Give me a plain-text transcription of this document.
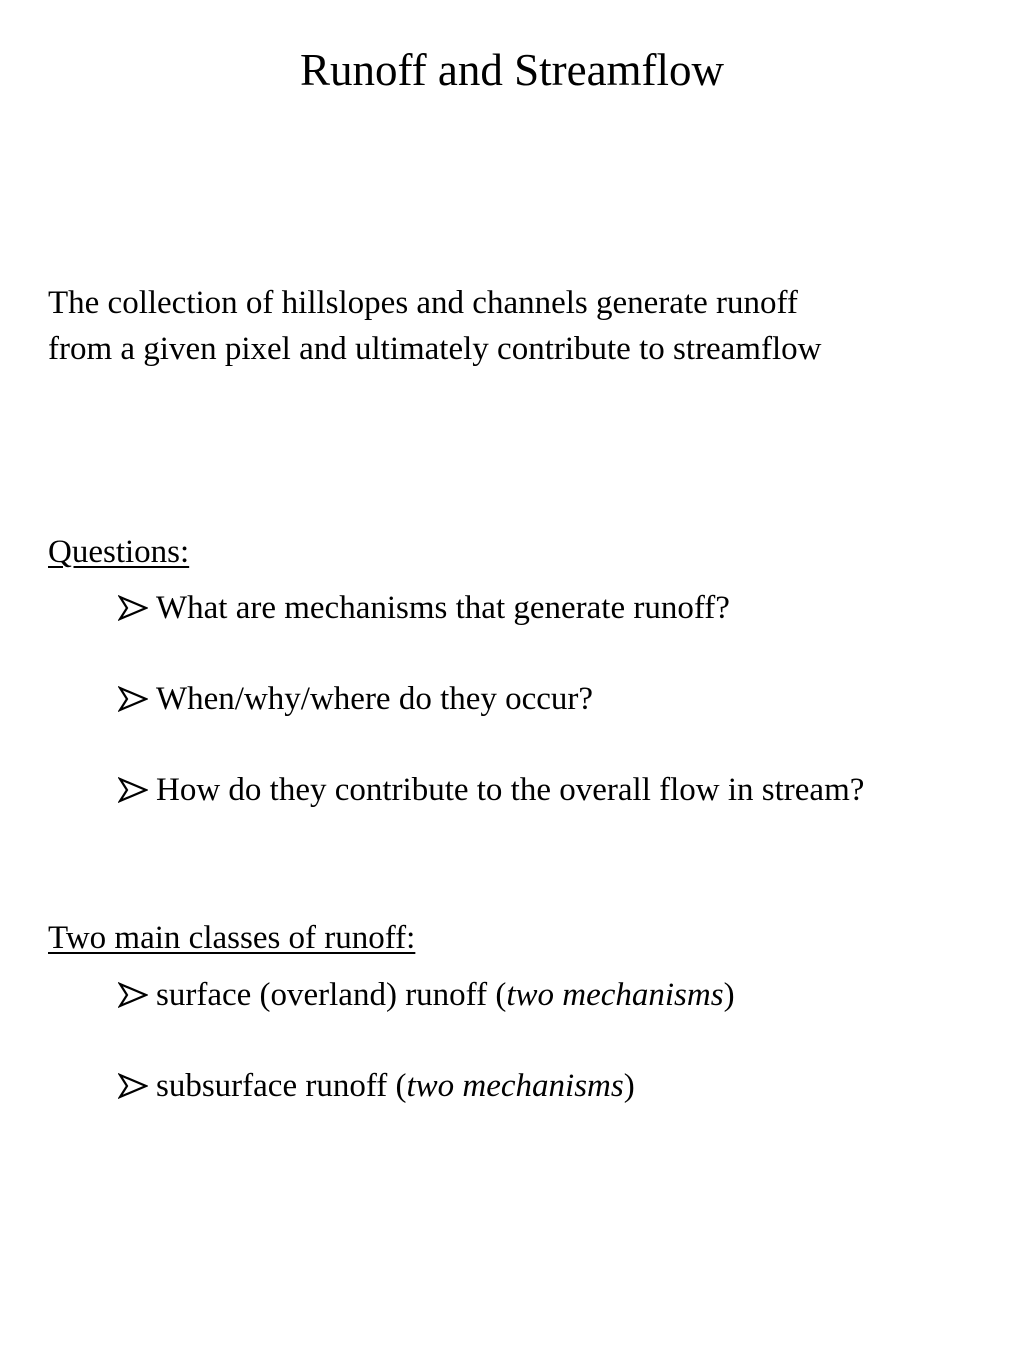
Runoff and Streamflow
The collection of hillslopes and channels generate runoff
from a given pixel and ultimately contribute to streamflow
Questions:
What are mechanisms that generate runoff?
When/why/where do they occur?
How do they contribute to the overall flow in stream?
Two main classes of runoff:
surface (overland) runoff (two mechanisms)
subsurface runoff (two mechanisms)
